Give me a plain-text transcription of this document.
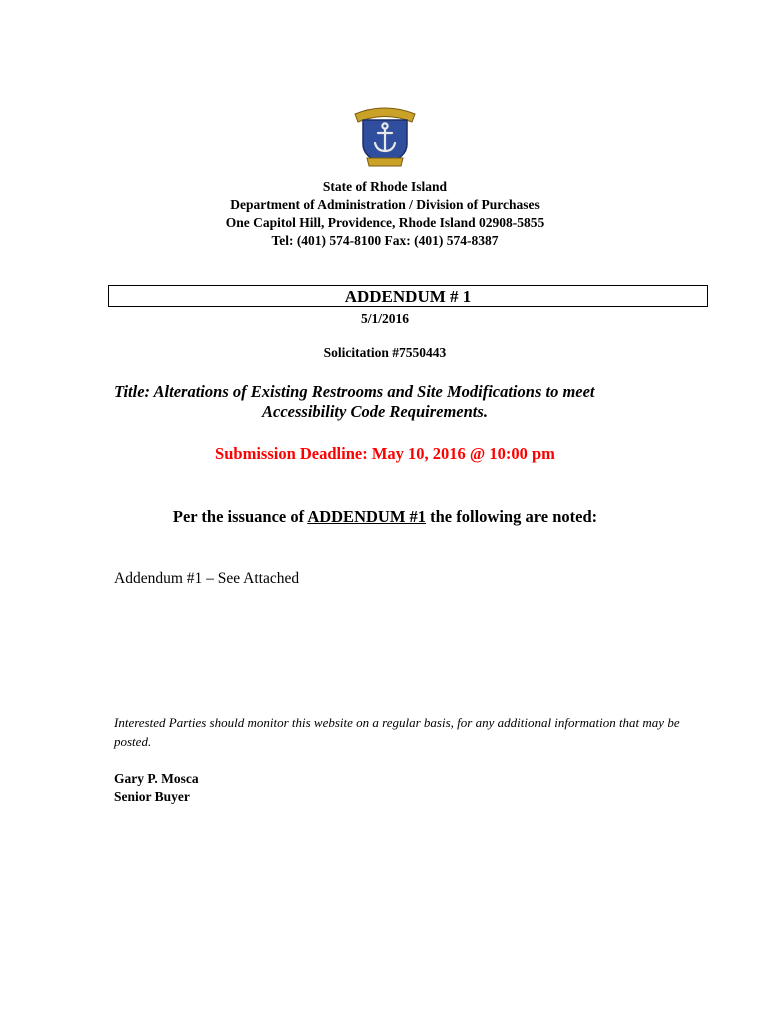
State of Rhode Island
Department of Administration / Division of Purchases
One Capitol Hill, Providence, Rhode Island 02908-5855
Tel: (401) 574-8100 Fax: (401) 574-8387
ADDENDUM # 1
5/1/2016
Solicitation #7550443
Title: Alterations of Existing Restrooms and Site Modifications to meet
Accessibility Code Requirements.
Submission Deadline: May 10, 2016 @ 10:00 pm
Per the issuance of ADDENDUM #1 the following are noted:
Addendum #1 – See Attached
Interested Parties should monitor this website on a regular basis, for any additional information that may be posted.
Gary P. Mosca
Senior Buyer
